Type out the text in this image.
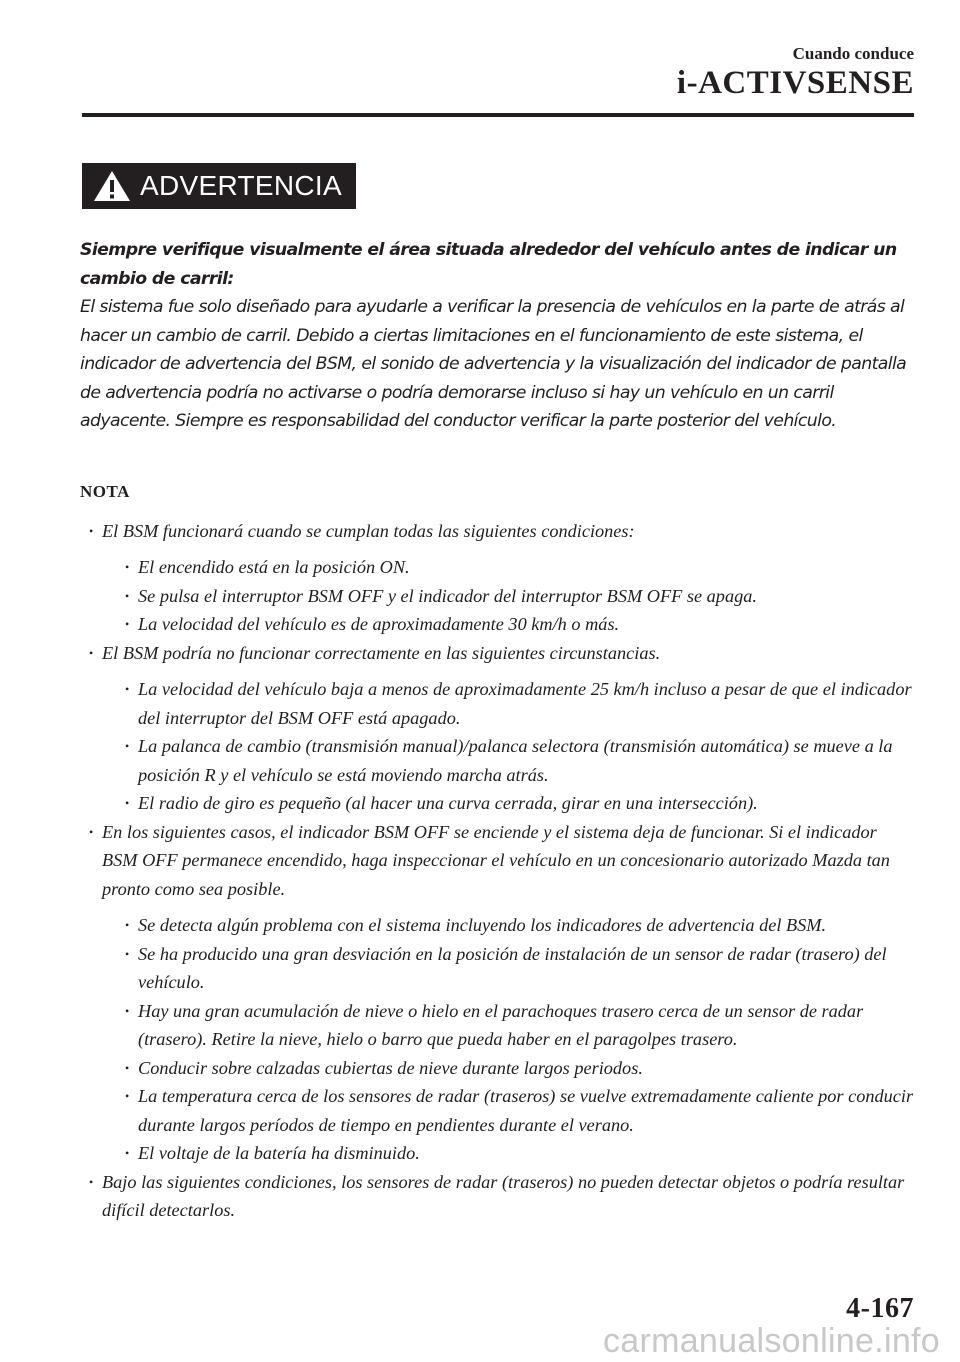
Cuando conduce
i-ACTIVSENSE
ADVERTENCIA
Siempre verifique visualmente el área situada alrededor del vehículo antes de indicar un cambio de carril:
El sistema fue solo diseñado para ayudarle a verificar la presencia de vehículos en la parte de atrás al hacer un cambio de carril. Debido a ciertas limitaciones en el funcionamiento de este sistema, el indicador de advertencia del BSM, el sonido de advertencia y la visualización del indicador de pantalla de advertencia podría no activarse o podría demorarse incluso si hay un vehículo en un carril adyacente. Siempre es responsabilidad del conductor verificar la parte posterior del vehículo.
NOTA
• El BSM funcionará cuando se cumplan todas las siguientes condiciones:
• El encendido está en la posición ON.
• Se pulsa el interruptor BSM OFF y el indicador del interruptor BSM OFF se apaga.
• La velocidad del vehículo es de aproximadamente 30 km/h o más.
• El BSM podría no funcionar correctamente en las siguientes circunstancias.
• La velocidad del vehículo baja a menos de aproximadamente 25 km/h incluso a pesar de que el indicador del interruptor del BSM OFF está apagado.
• La palanca de cambio (transmisión manual)/palanca selectora (transmisión automática) se mueve a la posición R y el vehículo se está moviendo marcha atrás.
• El radio de giro es pequeño (al hacer una curva cerrada, girar en una intersección).
• En los siguientes casos, el indicador BSM OFF se enciende y el sistema deja de funcionar. Si el indicador BSM OFF permanece encendido, haga inspeccionar el vehículo en un concesionario autorizado Mazda tan pronto como sea posible.
• Se detecta algún problema con el sistema incluyendo los indicadores de advertencia del BSM.
• Se ha producido una gran desviación en la posición de instalación de un sensor de radar (trasero) del vehículo.
• Hay una gran acumulación de nieve o hielo en el parachoques trasero cerca de un sensor de radar (trasero). Retire la nieve, hielo o barro que pueda haber en el paragolpes trasero.
• Conducir sobre calzadas cubiertas de nieve durante largos periodos.
• La temperatura cerca de los sensores de radar (traseros) se vuelve extremadamente caliente por conducir durante largos períodos de tiempo en pendientes durante el verano.
• El voltaje de la batería ha disminuido.
• Bajo las siguientes condiciones, los sensores de radar (traseros) no pueden detectar objetos o podría resultar difícil detectarlos.
4-167
carmanualsonline.info
